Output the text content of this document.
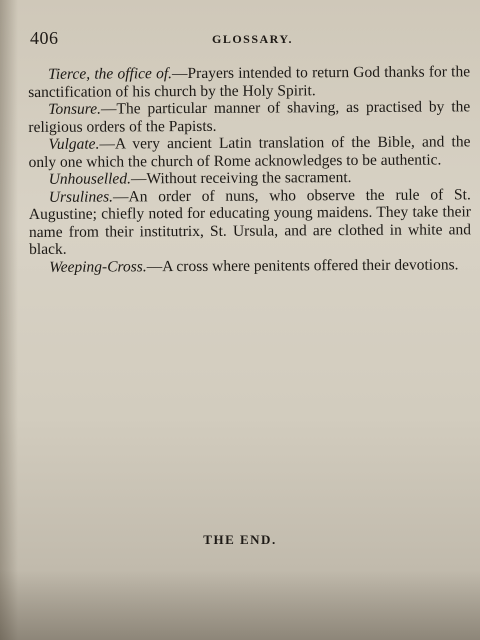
406	GLOSSARY.

Tierce, the office of.—Prayers intended to return God thanks for the sanctification of his church by the Holy Spirit.

Tonsure.—The particular manner of shaving, as practised by the religious orders of the Papists.

Vulgate.—A very ancient Latin translation of the Bible, and the only one which the church of Rome acknowledges to be authentic.

Unhouselled.—Without receiving the sacrament.

Ursulines.—An order of nuns, who observe the rule of St. Augustine; chiefly noted for educating young maidens. They take their name from their institutrix, St. Ursula, and are clothed in white and black.

Weeping-Cross.—A cross where penitents offered their devotions.

THE END.
